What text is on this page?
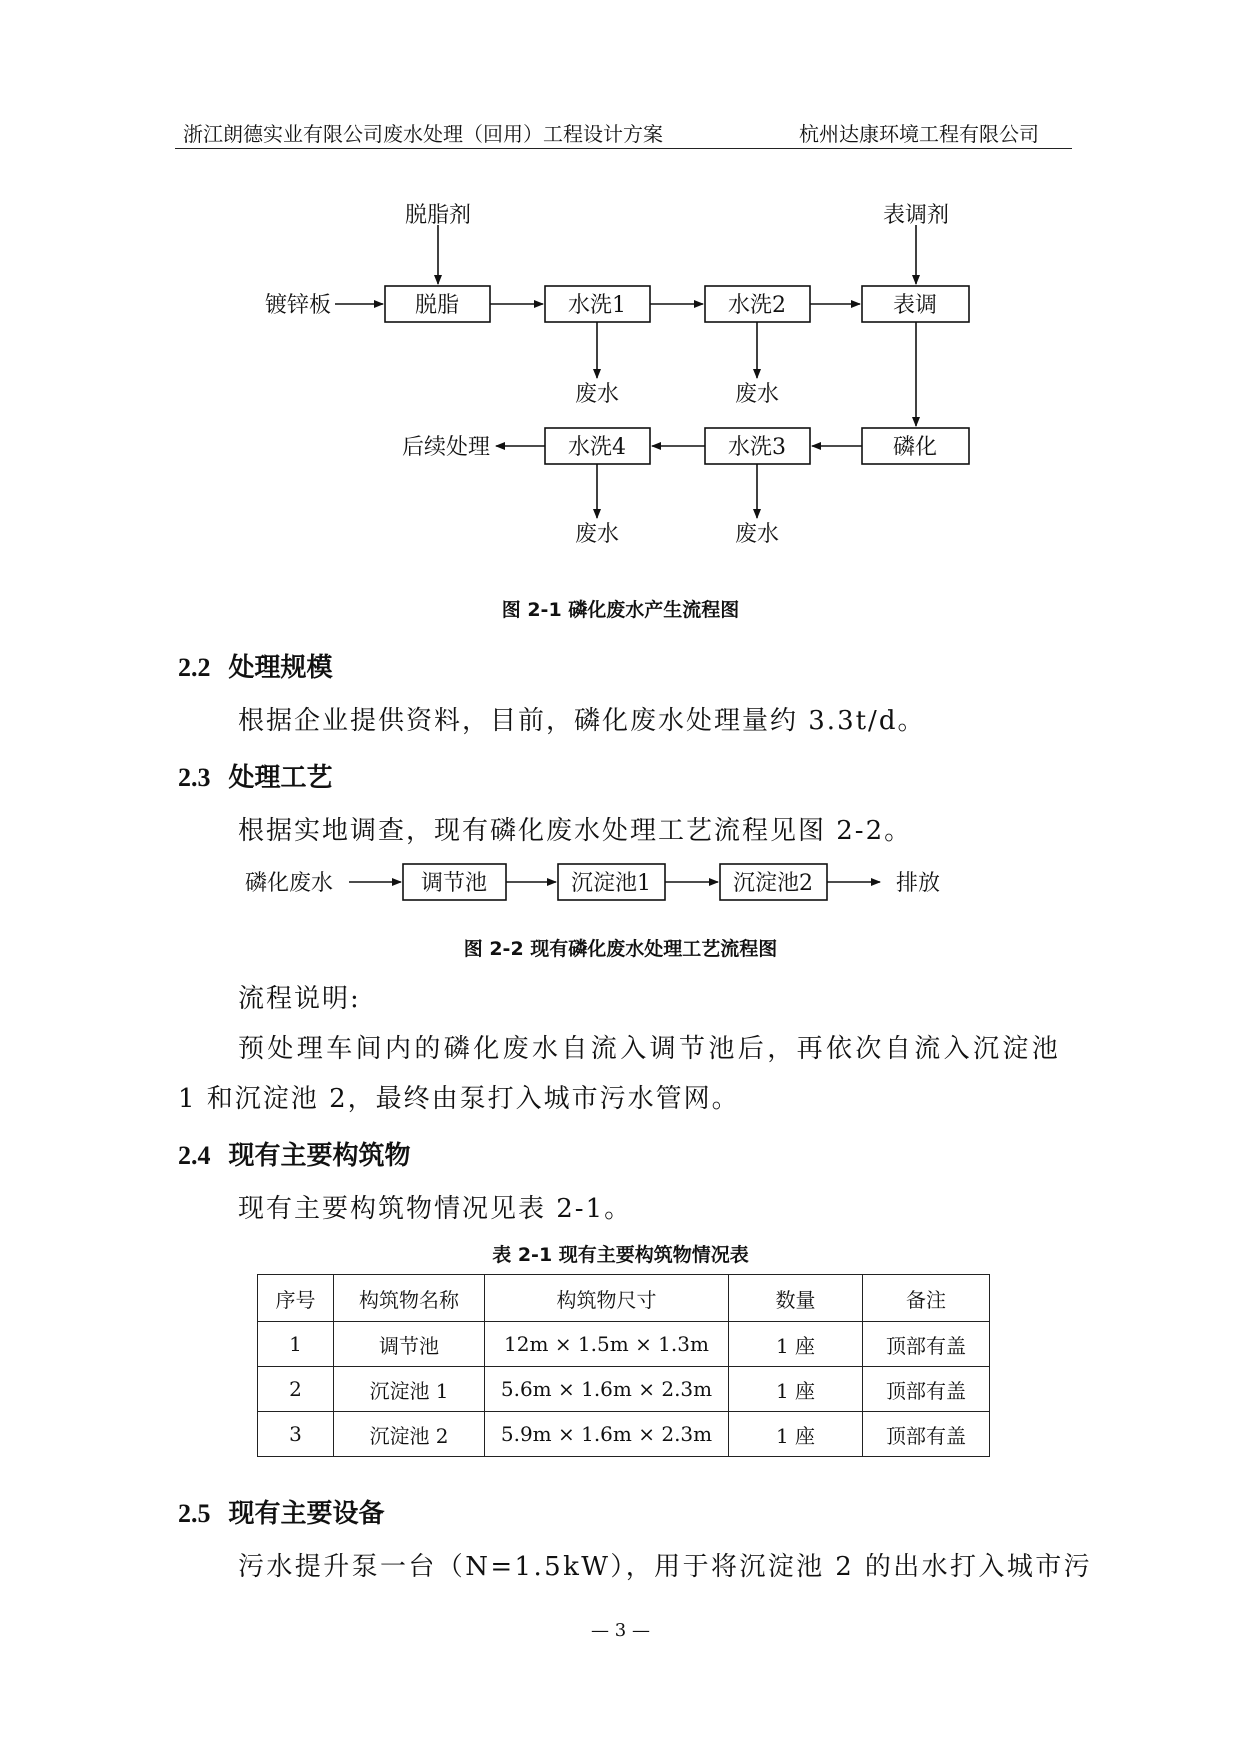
浙江朗德实业有限公司废水处理（回用）工程设计方案	杭州达康环境工程有限公司
脱脂剂	表调剂
镀锌板	脱脂	水洗1	水洗2	表调
废水	废水
水洗4	水洗3	磷化
后续处理
废水	废水
图 2-1 磷化废水产生流程图
2.2 处理规模
根据企业提供资料，目前，磷化废水处理量约 3.3t/d。
2.3 处理工艺
根据实地调查，现有磷化废水处理工艺流程见图 2-2。
磷化废水	调节池	沉淀池1	沉淀池2	排放
图 2-2 现有磷化废水处理工艺流程图
流程说明:
预处理车间内的磷化废水自流入调节池后，再依次自流入沉淀池
1 和沉淀池 2，最终由泵打入城市污水管网。
2.4 现有主要构筑物
现有主要构筑物情况见表 2-1。
表 2-1 现有主要构筑物情况表
序号	构筑物名称	构筑物尺寸	数量	备注
1	调节池	12m × 1.5m × 1.3m	1 座	顶部有盖
2	沉淀池 1	5.6m × 1.6m × 2.3m	1 座	顶部有盖
3	沉淀池 2	5.9m × 1.6m × 2.3m	1 座	顶部有盖
2.5 现有主要设备
污水提升泵一台（N=1.5kW），用于将沉淀池 2 的出水打入城市污
— 3 —
